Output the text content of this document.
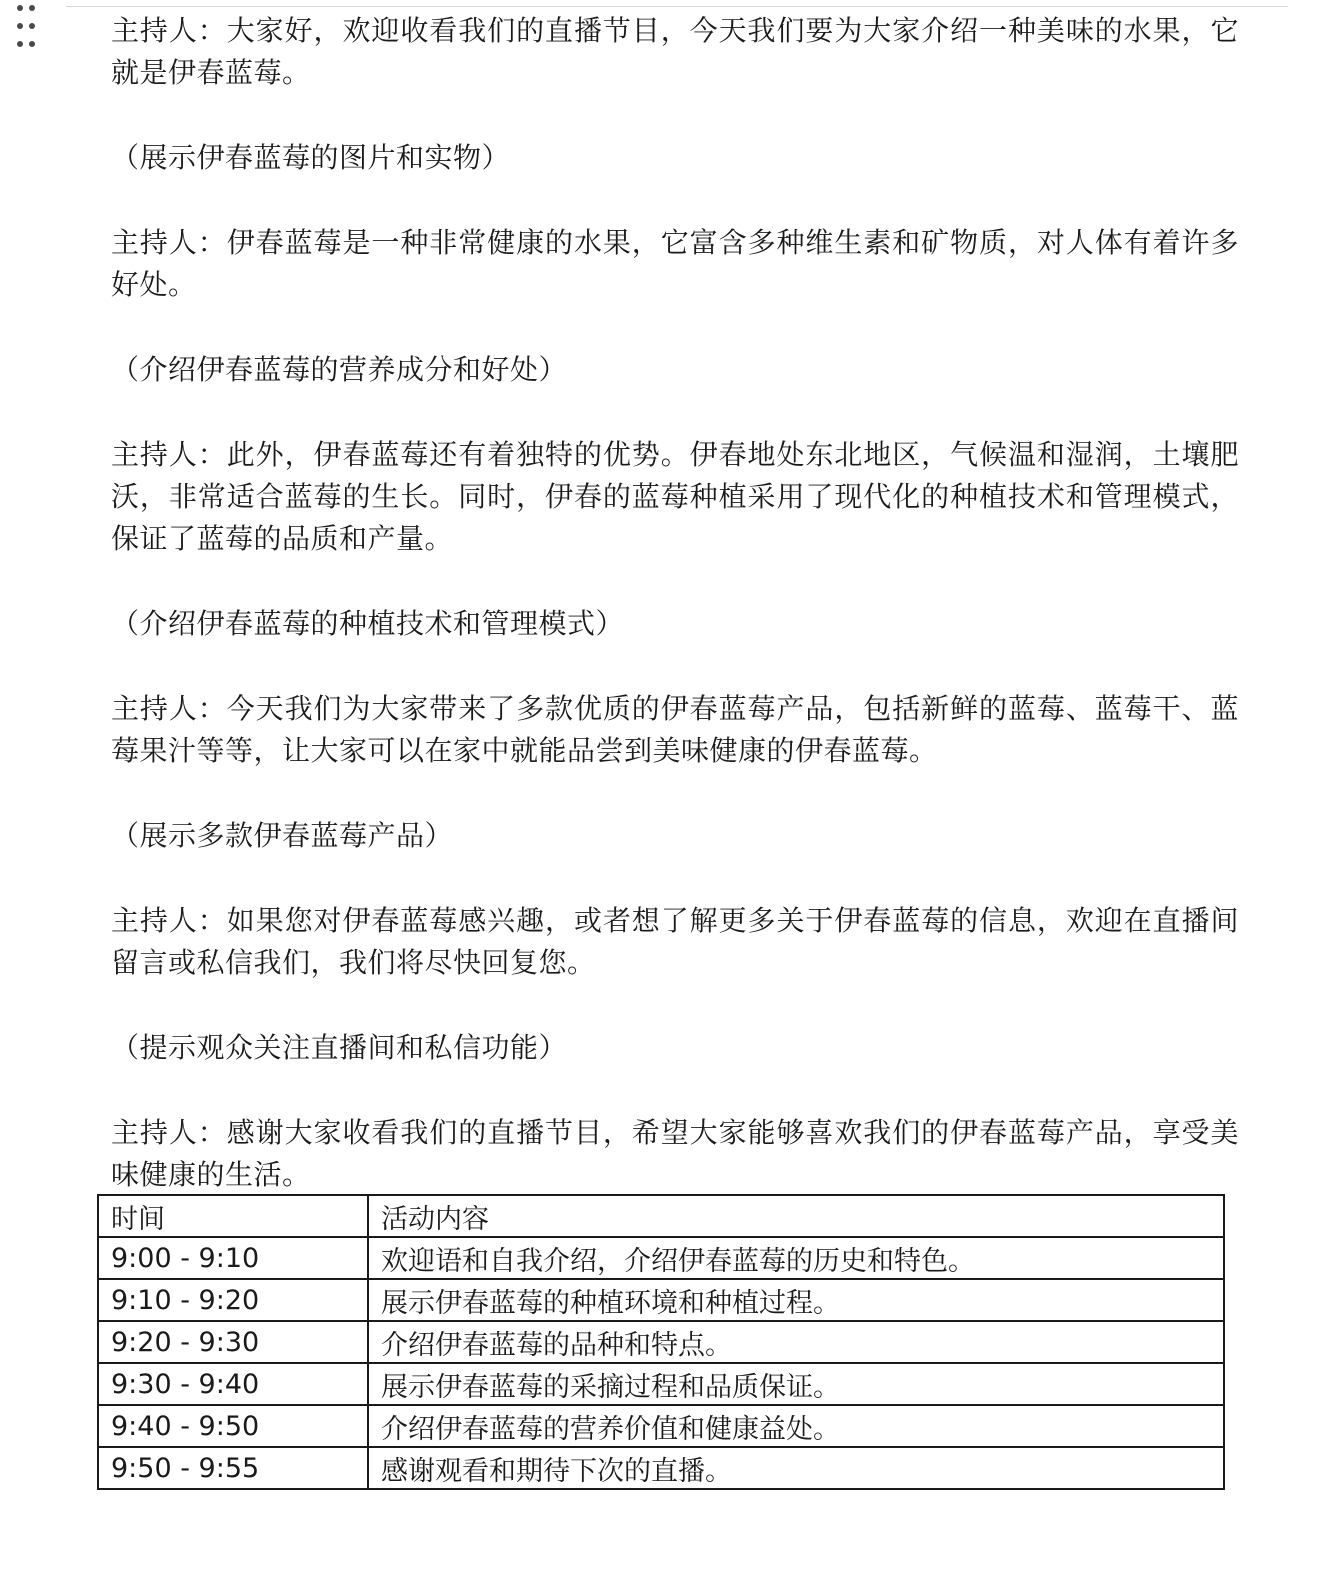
主持人：大家好，欢迎收看我们的直播节目，今天我们要为大家介绍一种美味的水果，它就是伊春蓝莓。

（展示伊春蓝莓的图片和实物）

主持人：伊春蓝莓是一种非常健康的水果，它富含多种维生素和矿物质，对人体有着许多好处。

（介绍伊春蓝莓的营养成分和好处）

主持人：此外，伊春蓝莓还有着独特的优势。伊春地处东北地区，气候温和湿润，土壤肥沃，非常适合蓝莓的生长。同时，伊春的蓝莓种植采用了现代化的种植技术和管理模式，保证了蓝莓的品质和产量。

（介绍伊春蓝莓的种植技术和管理模式）

主持人：今天我们为大家带来了多款优质的伊春蓝莓产品，包括新鲜的蓝莓、蓝莓干、蓝莓果汁等等，让大家可以在家中就能品尝到美味健康的伊春蓝莓。

（展示多款伊春蓝莓产品）

主持人：如果您对伊春蓝莓感兴趣，或者想了解更多关于伊春蓝莓的信息，欢迎在直播间留言或私信我们，我们将尽快回复您。

（提示观众关注直播间和私信功能）

主持人：感谢大家收看我们的直播节目，希望大家能够喜欢我们的伊春蓝莓产品，享受美味健康的生活。

时间	活动内容
9:00 - 9:10	欢迎语和自我介绍，介绍伊春蓝莓的历史和特色。
9:10 - 9:20	展示伊春蓝莓的种植环境和种植过程。
9:20 - 9:30	介绍伊春蓝莓的品种和特点。
9:30 - 9:40	展示伊春蓝莓的采摘过程和品质保证。
9:40 - 9:50	介绍伊春蓝莓的营养价值和健康益处。
9:50 - 9:55	感谢观看和期待下次的直播。
